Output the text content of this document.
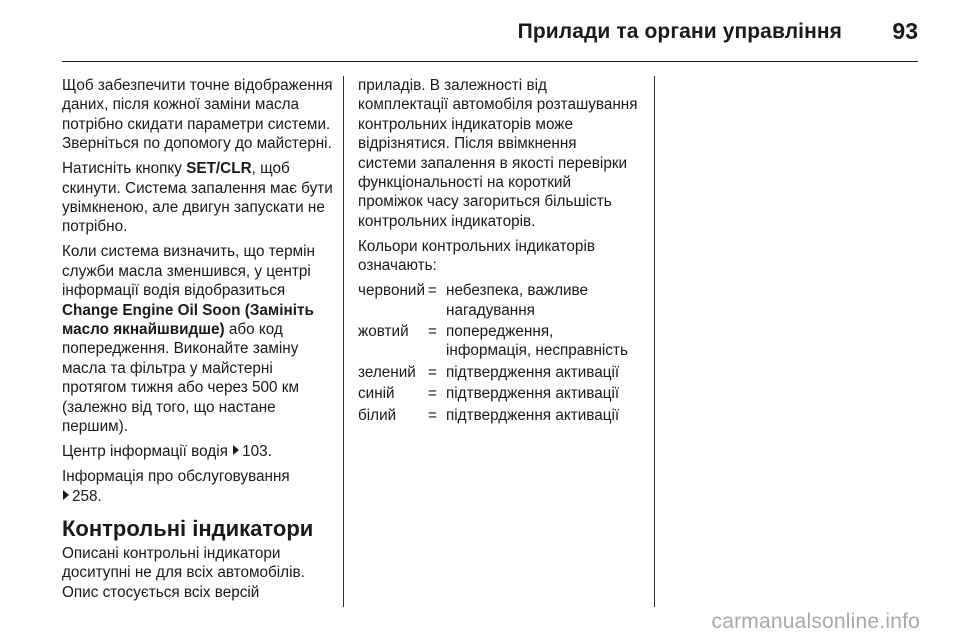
Прилади та органи управління 93

Щоб забезпечити точне відображення даних, після кожної заміни масла потрібно скидати параметри системи. Зверніться по допомогу до майстерні.

Натисніть кнопку SET/CLR, щоб скинути. Система запалення має бути увімкненою, але двигун запускати не потрібно.

Коли система визначить, що термін служби масла зменшився, у центрі інформації водія відобразиться Change Engine Oil Soon (Замініть масло якнайшвидше) або код попередження. Виконайте заміну масла та фільтра у майстерні протягом тижня або через 500 км (залежно від того, що настане першим).

Центр інформації водія 103.

Інформація про обслуговування
258.

Контрольні індикатори

Описані контрольні індикатори доситупні не для всіх автомобілів. Опис стосується всіх версій

приладів. В залежності від комплектації автомобіля розташування контрольних індикаторів може відрізнятися. Після ввімкнення системи запалення в якості перевірки функціональності на короткий проміжок часу загориться більшість контрольних індикаторів.

Кольори контрольних індикаторів означають:

червоний = небезпека, важливе нагадування
жовтий	= попередження, інформація, несправність
зелений = підтвердження активації
синій	= підтвердження активації
білий	= підтвердження активації
carmanualsonline.info
